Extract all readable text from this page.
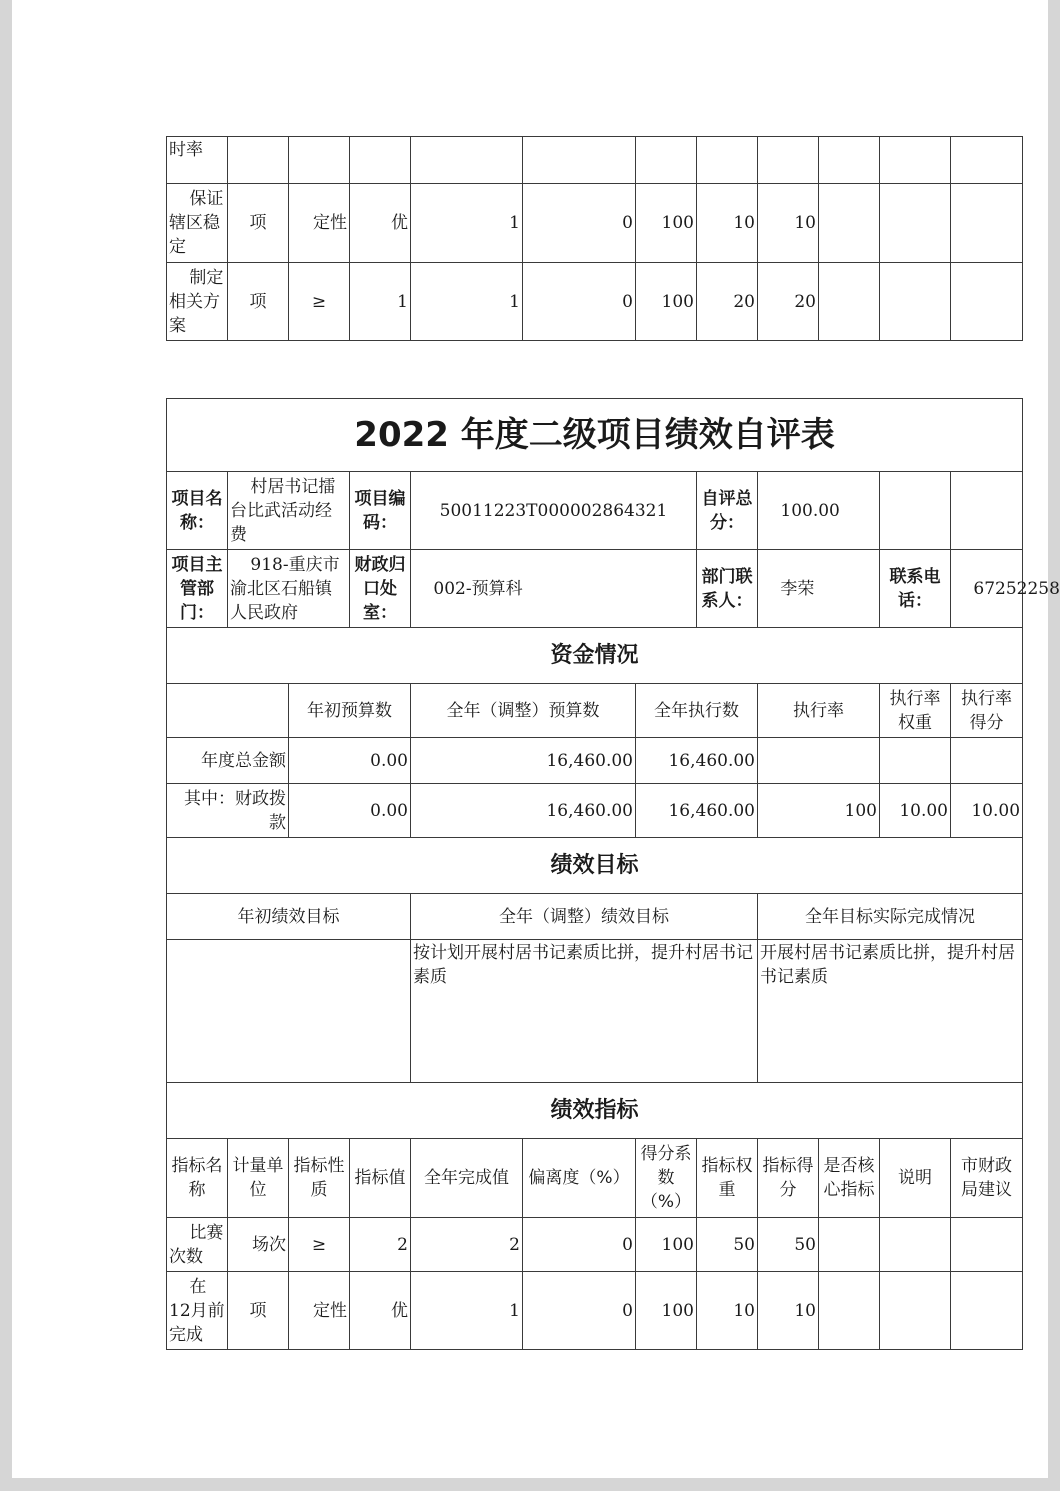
时率											
保证辖区稳定	项	定性	优	1	0	100	10	10			
制定相关方案	项	≥	1	1	0	100	20	20			
2022 年度二级项目绩效自评表											
项目名称：	村居书记擂台比武活动经费		项目编码：	50011223T000002864321			自评总分：	100.00			
项目主管部门：	918-重庆市渝北区石船镇人民政府		财政归口处室：	002-预算科			部门联系人：	李荣		联系电话：	67252258
资金情况											
		年初预算数		全年（调整）预算数		全年执行数		执行率		执行率权重	执行率得分
年度总金额		0.00		16,460.00		16,460.00					
其中：财政拨款		0.00		16,460.00		16,460.00		100		10.00	10.00
绩效目标											
年初绩效目标				全年（调整）绩效目标				全年目标实际完成情况			
				按计划开展村居书记素质比拼，提升村居书记素质				开展村居书记素质比拼，提升村居书记素质			
绩效指标											
指标名称	计量单位	指标性质	指标值	全年完成值	偏离度（%）	得分系数（%）	指标权重	指标得分	是否核心指标	说明	市财政局建议
比赛次数	场次	≥	2	2	0	100	50	50			
在12月前完成	项	定性	优	1	0	100	10	10			
